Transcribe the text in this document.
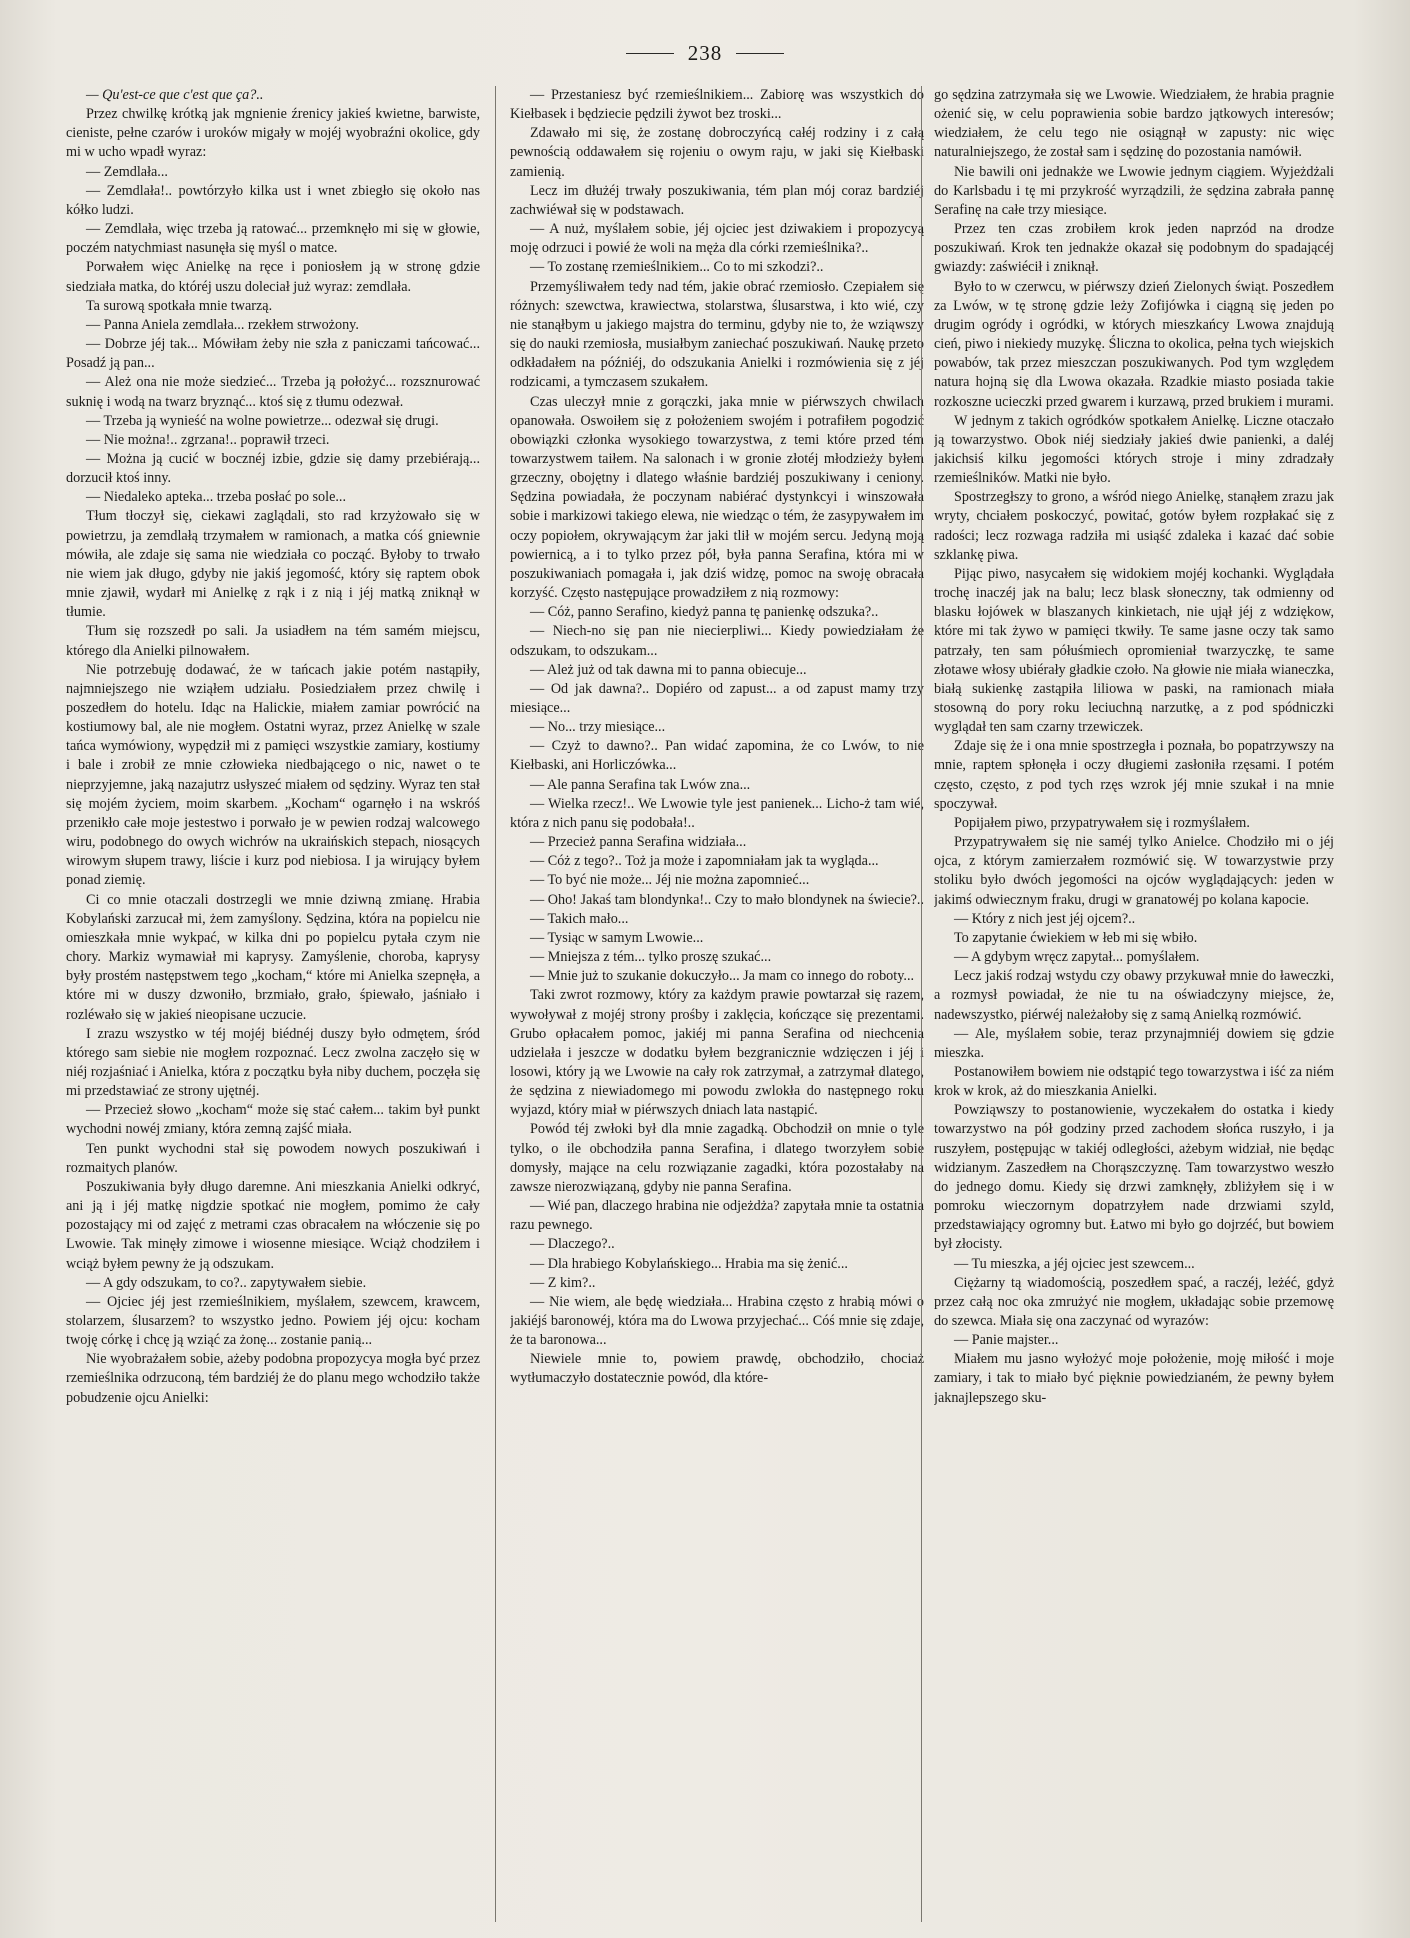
238

— Qu'est-ce que c'est que ça?..

Przez chwilkę krótką jak mgnienie źrenicy jakieś kwietne, barwiste, cieniste, pełne czarów i uroków migały w mojéj wyobraźni okolice, gdy mi w ucho wpadł wyraz:

— Zemdlała...

— Zemdlała!.. powtórzyło kilka ust i wnet zbiegło się około nas kółko ludzi.

— Zemdlała, więc trzeba ją ratować... przemknęło mi się w głowie, poczém natychmiast nasunęła się myśl o matce.

Porwałem więc Anielkę na ręce i poniosłem ją w stronę gdzie siedziała matka, do któréj uszu doleciał już wyraz: zemdlała.

Ta surową spotkała mnie twarzą.

— Panna Aniela zemdlała... rzekłem strwożony.

— Dobrze jéj tak... Mówiłam żeby nie szła z paniczami tańcować... Posadź ją pan...

— Ależ ona nie może siedzieć... Trzeba ją położyć... rozsznurować suknię i wodą na twarz bryznąć... ktoś się z tłumu odezwał.

— Trzeba ją wynieść na wolne powietrze... odezwał się drugi.

— Nie można!.. zgrzana!.. poprawił trzeci.

— Można ją cucić w bocznéj izbie, gdzie się damy przebiérają... dorzucił ktoś inny.

— Niedaleko apteka... trzeba posłać po sole...

Tłum tłoczył się, ciekawi zaglądali, sto rad krzyżowało się w powietrzu, ja zemdlałą trzymałem w ramionach, a matka cóś gniewnie mówiła, ale zdaje się sama nie wiedziała co począć. Byłoby to trwało nie wiem jak długo, gdyby nie jakiś jegomość, który się raptem obok mnie zjawił, wydarł mi Anielkę z rąk i z nią i jéj matką zniknął w tłumie.

Tłum się rozszedł po sali. Ja usiadłem na tém samém miejscu, którego dla Anielki pilnowałem.

Nie potrzebuję dodawać, że w tańcach jakie potém nastąpiły, najmniejszego nie wziąłem udziału. Posiedziałem przez chwilę i poszedłem do hotelu. Idąc na Halickie, miałem zamiar powrócić na kostiumowy bal, ale nie mogłem. Ostatni wyraz, przez Anielkę w szale tańca wymówiony, wypędził mi z pamięci wszystkie zamiary, kostiumy i bale i zrobił ze mnie człowieka niedbającego o nic, nawet o te nieprzyjemne, jaką nazajutrz usłyszeć miałem od sędziny. Wyraz ten stał się mojém życiem, moim skarbem. „Kocham“ ogarnęło i na wskróś przenikło całe moje jestestwo i porwało je w pewien rodzaj walcowego wiru, podobnego do owych wichrów na ukraińskich stepach, niosących wirowym słupem trawy, liście i kurz pod niebiosa. I ja wirujący byłem ponad ziemię.

Ci co mnie otaczali dostrzegli we mnie dziwną zmianę. Hrabia Kobylański zarzucał mi, żem zamyślony. Sędzina, która na popielcu nie omieszkała mnie wykpać, w kilka dni po popielcu pytała czym nie chory. Markiz wymawiał mi kaprysy. Zamyślenie, choroba, kaprysy były prostém następstwem tego „kocham,“ które mi Anielka szepnęła, a które mi w duszy dzwoniło, brzmiało, grało, śpiewało, jaśniało i rozléwało się w jakieś nieopisane uczucie.

I zrazu wszystko w téj mojéj biédnéj duszy było odmętem, śród którego sam siebie nie mogłem rozpoznać. Lecz zwolna zaczęło się w niéj rozjaśniać i Anielka, która z początku była niby duchem, poczęła się mi przedstawiać ze strony ujętnéj.

— Przecież słowo „kocham“ może się stać całem... takim był punkt wychodni nowéj zmiany, która zemną zajść miała.

Ten punkt wychodni stał się powodem nowych poszukiwań i rozmaitych planów.

Poszukiwania były długo daremne. Ani mieszkania Anielki odkryć, ani ją i jéj matkę nigdzie spotkać nie mogłem, pomimo że cały pozostający mi od zajęć z metrami czas obracałem na włóczenie się po Lwowie. Tak minęły zimowe i wiosenne miesiące. Wciąż chodziłem i wciąż byłem pewny że ją odszukam.

— A gdy odszukam, to co?.. zapytywałem siebie.

— Ojciec jéj jest rzemieślnikiem, myślałem, szewcem, krawcem, stolarzem, ślusarzem? to wszystko jedno. Powiem jéj ojcu: kocham twoję córkę i chcę ją wziąć za żonę... zostanie panią...

Nie wyobrażałem sobie, ażeby podobna propozycya mogła być przez rzemieślnika odrzuconą, tém bardziéj że do planu mego wchodziło także pobudzenie ojcu Anielki:

— Przestaniesz być rzemieślnikiem... Zabiorę was wszystkich do Kiełbasek i będziecie pędzili żywot bez troski...

Zdawało mi się, że zostanę dobroczyńcą całéj rodziny i z całą pewnością oddawałem się rojeniu o owym raju, w jaki się Kiełbaski zamienią.

Lecz im dłużéj trwały poszukiwania, tém plan mój coraz bardziéj zachwiéwał się w podstawach.

— A nuż, myślałem sobie, jéj ojciec jest dziwakiem i propozycyą moję odrzuci i powié że woli na męża dla córki rzemieślnika?..

— To zostanę rzemieślnikiem... Co to mi szkodzi?..

Przemyśliwałem tedy nad tém, jakie obrać rzemiosło. Czepiałem się różnych: szewctwa, krawiectwa, stolarstwa, ślusarstwa, i kto wié, czy nie stanąłbym u jakiego majstra do terminu, gdyby nie to, że wziąwszy się do nauki rzemiosła, musiałbym zaniechać poszukiwań. Naukę przeto odkładałem na późniéj, do odszukania Anielki i rozmówienia się z jéj rodzicami, a tymczasem szukałem.

Czas uleczył mnie z gorączki, jaka mnie w piérwszych chwilach opanowała. Oswoiłem się z położeniem swojém i potrafiłem pogodzić obowiązki członka wysokiego towarzystwa, z temi które przed tém towarzystwem taiłem. Na salonach i w gronie złotéj młodzieży byłem grzeczny, obojętny i dlatego właśnie bardziéj poszukiwany i ceniony. Sędzina powiadała, że poczynam nabiérać dystynkcyi i winszowała sobie i markizowi takiego elewa, nie wiedząc o tém, że zasypywałem im oczy popiołem, okrywającym żar jaki tlił w mojém sercu. Jedyną moją powiernicą, a i to tylko przez pół, była panna Serafina, która mi w poszukiwaniach pomagała i, jak dziś widzę, pomoc na swoję obracała korzyść. Często następujące prowadziłem z nią rozmowy:

— Cóż, panno Serafino, kiedyż panna tę panienkę odszuka?..

— Niech-no się pan nie niecierpliwi... Kiedy powiedziałam że odszukam, to odszukam...

— Ależ już od tak dawna mi to panna obiecuje...

— Od jak dawna?.. Dopiéro od zapust... a od zapust mamy trzy miesiące...

— No... trzy miesiące...

— Czyż to dawno?.. Pan widać zapomina, że co Lwów, to nie Kiełbaski, ani Horliczówka...

— Ale panna Serafina tak Lwów zna...

— Wielka rzecz!.. We Lwowie tyle jest panienek... Licho-ż tam wié, która z nich panu się podobała!..

— Przecież panna Serafina widziała...

— Cóż z tego?.. Toż ja może i zapomniałam jak ta wygląda...

— To być nie może... Jéj nie można zapomnieć...

— Oho! Jakaś tam blondynka!.. Czy to mało blondynek na świecie?..

— Takich mało...

— Tysiąc w samym Lwowie...

— Mniejsza z tém... tylko proszę szukać...

— Mnie już to szukanie dokuczyło... Ja mam co innego do roboty...

Taki zwrot rozmowy, który za każdym prawie powtarzał się razem, wywoływał z mojéj strony prośby i zaklęcia, kończące się prezentami. Grubo opłacałem pomoc, jakiéj mi panna Serafina od niechcenia udzielała i jeszcze w dodatku byłem bezgranicznie wdzięczen i jéj i losowi, który ją we Lwowie na cały rok zatrzymał, a zatrzymał dlatego, że sędzina z niewiadomego mi powodu zwlokła do następnego roku wyjazd, który miał w piérwszych dniach lata nastąpić.

Powód téj zwłoki był dla mnie zagadką. Obchodził on mnie o tyle tylko, o ile obchodziła panna Serafina, i dlatego tworzyłem sobie domysły, mające na celu rozwiązanie zagadki, która pozostałaby na zawsze nierozwiązaną, gdyby nie panna Serafina.

— Wié pan, dlaczego hrabina nie odjeżdża? zapytała mnie ta ostatnia razu pewnego.

— Dlaczego?..

— Dla hrabiego Kobylańskiego... Hrabia ma się żenić...

— Z kim?..

— Nie wiem, ale będę wiedziała... Hrabina często z hrabią mówi o jakiéjś baronowéj, która ma do Lwowa przyjechać... Cóś mnie się zdaje, że ta baronowa...

Niewiele mnie to, powiem prawdę, obchodziło, chociaż wytłumaczyło dostatecznie powód, dla które-

go sędzina zatrzymała się we Lwowie. Wiedziałem, że hrabia pragnie ożenić się, w celu poprawienia sobie bardzo jątkowych interesów; wiedziałem, że celu tego nie osiągnął w zapusty: nic więc naturalniejszego, że został sam i sędzinę do pozostania namówił.

Nie bawili oni jednakże we Lwowie jednym ciągiem. Wyjeżdżali do Karlsbadu i tę mi przykrość wyrządzili, że sędzina zabrała pannę Serafinę na całe trzy miesiące.

Przez ten czas zrobiłem krok jeden naprzód na drodze poszukiwań. Krok ten jednakże okazał się podobnym do spadającéj gwiazdy: zaświécił i zniknął.

Było to w czerwcu, w piérwszy dzień Zielonych świąt. Poszedłem za Lwów, w tę stronę gdzie leży Zofijówka i ciągną się jeden po drugim ogródy i ogródki, w których mieszkańcy Lwowa znajdują cień, piwo i niekiedy muzykę. Śliczna to okolica, pełna tych wiejskich powabów, tak przez mieszczan poszukiwanych. Pod tym względem natura hojną się dla Lwowa okazała. Rzadkie miasto posiada takie rozkoszne ucieczki przed gwarem i kurzawą, przed brukiem i murami.

W jednym z takich ogródków spotkałem Anielkę. Liczne otaczało ją towarzystwo. Obok niéj siedziały jakieś dwie panienki, a daléj jakichsiś kilku jegomości których stroje i miny zdradzały rzemieślników. Matki nie było.

Spostrzegłszy to grono, a wśród niego Anielkę, stanąłem zrazu jak wryty, chciałem poskoczyć, powitać, gotów byłem rozpłakać się z radości; lecz rozwaga radziła mi usiąść zdaleka i kazać dać sobie szklankę piwa.

Pijąc piwo, nasycałem się widokiem mojéj kochanki. Wyglądała trochę inaczéj jak na balu; lecz blask słoneczny, tak odmienny od blasku łojówek w blaszanych kinkietach, nie ujął jéj z wdziękow, które mi tak żywo w pamięci tkwiły. Te same jasne oczy tak samo patrzały, ten sam półuśmiech opromieniał twarzyczkę, te same złotawe włosy ubiérały gładkie czoło. Na głowie nie miała wianeczka, białą sukienkę zastąpiła liliowa w paski, na ramionach miała stosowną do pory roku leciuchną narzutkę, a z pod spódniczki wyglądał ten sam czarny trzewiczek.

Zdaje się że i ona mnie spostrzegła i poznała, bo popatrzywszy na mnie, raptem spłonęła i oczy długiemi zasłoniła rzęsami. I potém często, często, z pod tych rzęs wzrok jéj mnie szukał i na mnie spoczywał.

Popijałem piwo, przypatrywałem się i rozmyślałem.

Przypatrywałem się nie saméj tylko Anielce. Chodziło mi o jéj ojca, z którym zamierzałem rozmówić się. W towarzystwie przy stoliku było dwóch jegomości na ojców wyglądających: jeden w jakimś odwiecznym fraku, drugi w granatowéj po kolana kapocie.

— Który z nich jest jéj ojcem?..

To zapytanie ćwiekiem w łeb mi się wbiło.

— A gdybym wręcz zapytał... pomyślałem.

Lecz jakiś rodzaj wstydu czy obawy przykuwał mnie do ławeczki, a rozmysł powiadał, że nie tu na oświadczyny miejsce, że, nadewszystko, piérwéj należałoby się z samą Anielką rozmówić.

— Ale, myślałem sobie, teraz przynajmniéj dowiem się gdzie mieszka.

Postanowiłem bowiem nie odstąpić tego towarzystwa i iść za niém krok w krok, aż do mieszkania Anielki.

Powziąwszy to postanowienie, wyczekałem do ostatka i kiedy towarzystwo na pół godziny przed zachodem słońca ruszyło, i ja ruszyłem, postępując w takiéj odległości, ażebym widział, nie będąc widzianym. Zaszedłem na Chorąszczyznę. Tam towarzystwo weszło do jednego domu. Kiedy się drzwi zamknęły, zbliżyłem się i w pomroku wieczornym dopatrzyłem nade drzwiami szyld, przedstawiający ogromny but. Łatwo mi było go dojrzéć, but bowiem był złocisty.

— Tu mieszka, a jéj ojciec jest szewcem...

Ciężarny tą wiadomością, poszedłem spać, a raczéj, leżéć, gdyż przez całą noc oka zmrużyć nie mogłem, układając sobie przemowę do szewca. Miała się ona zaczynać od wyrazów:

— Panie majster...

Miałem mu jasno wyłożyć moje położenie, moję miłość i moje zamiary, i tak to miało być pięknie powiedzianém, że pewny byłem jaknajlepszego sku-
